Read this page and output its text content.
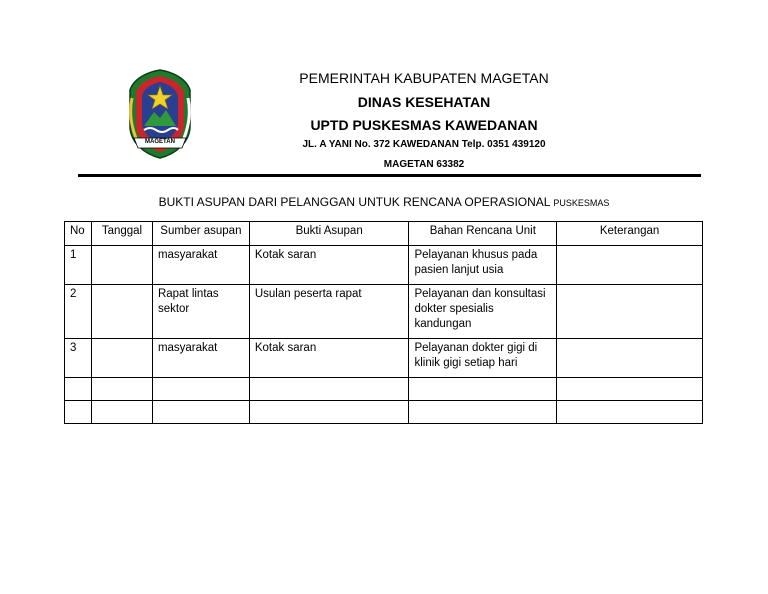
MAGETAN
PEMERINTAH KABUPATEN MAGETAN
DINAS KESEHATAN
UPTD PUSKESMAS KAWEDANAN
JL. A YANI No. 372 KAWEDANAN Telp. 0351 439120
MAGETAN 63382
BUKTI ASUPAN DARI PELANGGAN UNTUK RENCANA OPERASIONAL PUSKESMAS
No	Tanggal	Sumber asupan	Bukti Asupan	Bahan Rencana Unit	Keterangan
1		masyarakat	Kotak saran	Pelayanan khusus pada pasien lanjut usia	
2		Rapat lintas sektor	Usulan peserta rapat	Pelayanan dan konsultasi dokter spesialis kandungan	
3		masyarakat	Kotak saran	Pelayanan dokter gigi di klinik gigi setiap hari	
